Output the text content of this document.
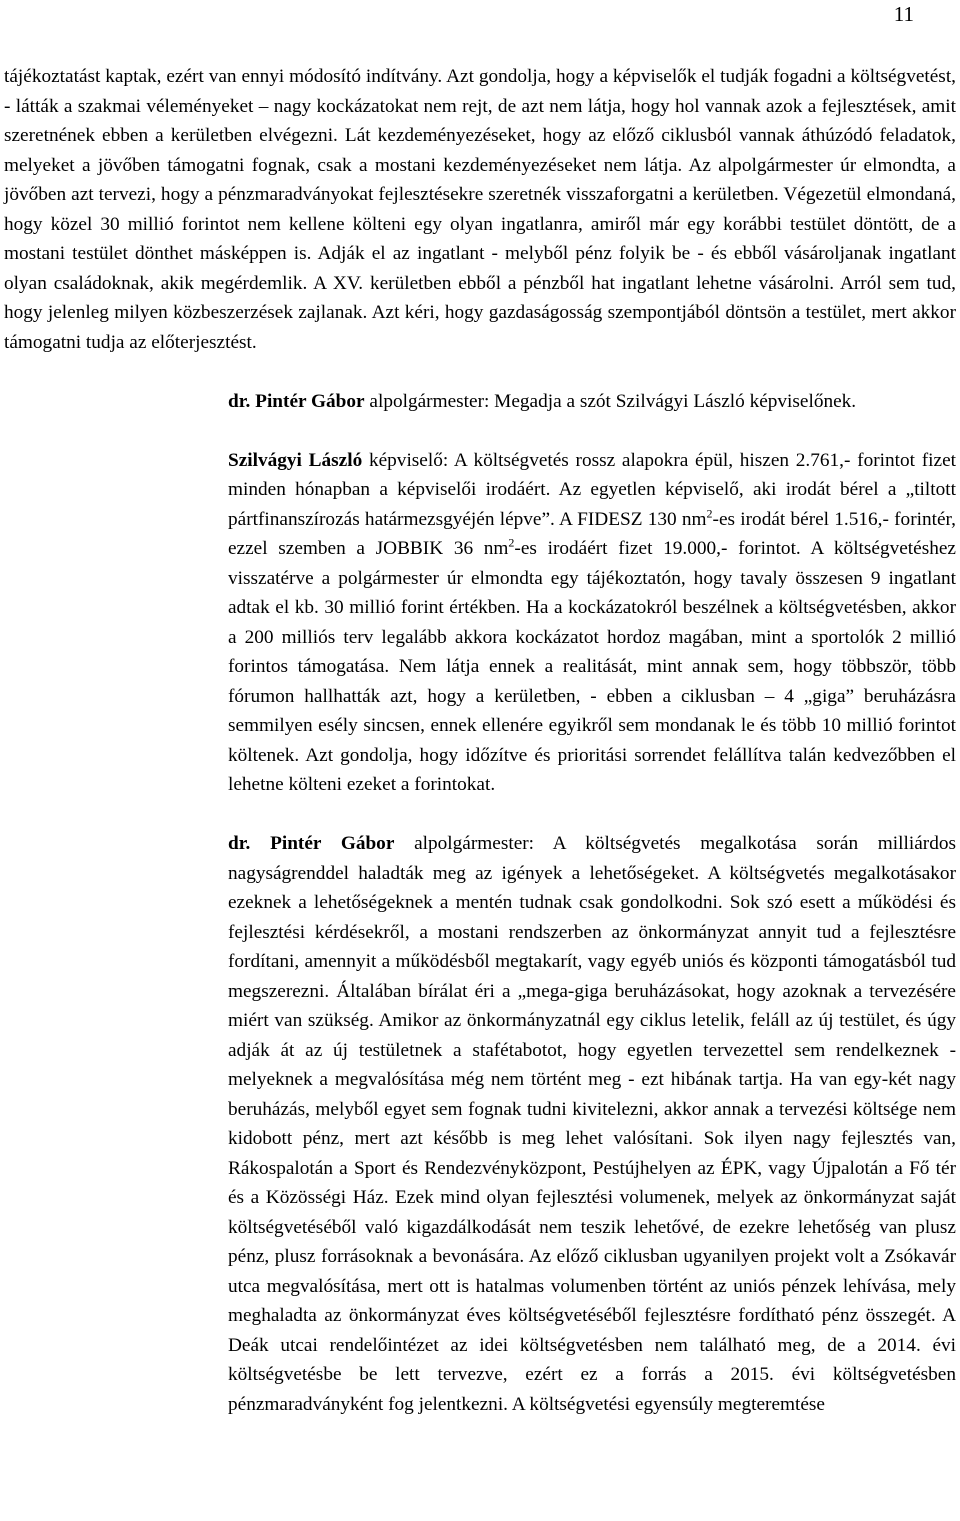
11

tájékoztatást kaptak, ezért van ennyi módosító indítvány. Azt gondolja, hogy a képviselők el tudják fogadni a költségvetést, - látták a szakmai véleményeket – nagy kockázatokat nem rejt, de azt nem látja, hogy hol vannak azok a fejlesztések, amit szeretnének ebben a kerületben elvégezni. Lát kezdeményezéseket, hogy az előző ciklusból vannak áthúzódó feladatok, melyeket a jövőben támogatni fognak, csak a mostani kezdeményezéseket nem látja. Az alpolgármester úr elmondta, a jövőben azt tervezi, hogy a pénzmaradványokat fejlesztésekre szeretnék visszaforgatni a kerületben. Végezetül elmondaná, hogy közel 30 millió forintot nem kellene költeni egy olyan ingatlanra, amiről már egy korábbi testület döntött, de a mostani testület dönthet másképpen is. Adják el az ingatlant - melyből pénz folyik be - és ebből vásároljanak ingatlant olyan családoknak, akik megérdemlik. A XV. kerületben ebből a pénzből hat ingatlant lehetne vásárolni. Arról sem tud, hogy jelenleg milyen közbeszerzések zajlanak. Azt kéri, hogy gazdaságosság szempontjából döntsön a testület, mert akkor támogatni tudja az előterjesztést.

dr. Pintér Gábor alpolgármester: Megadja a szót Szilvágyi László képviselőnek.

Szilvágyi László képviselő: A költségvetés rossz alapokra épül, hiszen 2.761,- forintot fizet minden hónapban a képviselői irodáért. Az egyetlen képviselő, aki irodát bérel a „tiltott pártfinanszírozás határmezsgyéjén lépve”. A FIDESZ 130 $nm^2-es$ irodát bérel 1.516,- forintér, ezzel szemben a JOBBIK 36 $nm^2-es$ irodáért fizet 19.000,- forintot. A költségvetéshez visszatérve a polgármester úr elmondta egy tájékoztatón, hogy tavaly összesen 9 ingatlant adtak el kb. 30 millió forint értékben. Ha a kockázatokról beszélnek a költségvetésben, akkor a 200 milliós terv legalább akkora kockázatot hordoz magában, mint a sportolók 2 millió forintos támogatása. Nem látja ennek a realitását, mint annak sem, hogy többször, több fórumon hallhatták azt, hogy a kerületben, - ebben a ciklusban – 4 „giga” beruházásra semmilyen esély sincsen, ennek ellenére egyikről sem mondanak le és több 10 millió forintot költenek. Azt gondolja, hogy időzítve és prioritási sorrendet felállítva talán kedvezőbben el lehetne költeni ezeket a forintokat.

dr. Pintér Gábor alpolgármester: A költségvetés megalkotása során milliárdos nagyságrenddel haladták meg az igények a lehetőségeket. A költségvetés megalkotásakor ezeknek a lehetőségeknek a mentén tudnak csak gondolkodni. Sok szó esett a működési és fejlesztési kérdésekről, a mostani rendszerben az önkormányzat annyit tud a fejlesztésre fordítani, amennyit a működésből megtakarít, vagy egyéb uniós és központi támogatásból tud megszerezni. Általában bírálat éri a „mega-giga beruházásokat, hogy azoknak a tervezésére miért van szükség. Amikor az önkormányzatnál egy ciklus letelik, feláll az új testület, és úgy adják át az új testületnek a stafétabotot, hogy egyetlen tervezettel sem rendelkeznek - melyeknek a megvalósítása még nem történt meg - ezt hibának tartja. Ha van egy-két nagy beruházás, melyből egyet sem fognak tudni kivitelezni, akkor annak a tervezési költsége nem kidobott pénz, mert azt később is meg lehet valósítani. Sok ilyen nagy fejlesztés van, Rákospalotán a Sport és Rendezvényközpont, Pestújhelyen az ÉPK, vagy Újpalotán a Fő tér és a Közösségi Ház. Ezek mind olyan fejlesztési volumenek, melyek az önkormányzat saját költségvetéséből való kigazdálkodását nem teszik lehetővé, de ezekre lehetőség van plusz pénz, plusz forrásoknak a bevonására. Az előző ciklusban ugyanilyen projekt volt a Zsókavár utca megvalósítása, mert ott is hatalmas volumenben történt az uniós pénzek lehívása, mely meghaladta az önkormányzat éves költségvetéséből fejlesztésre fordítható pénz összegét. A Deák utcai rendelőintézet az idei költségvetésben nem található meg, de a 2014. évi költségvetésbe be lett tervezve, ezért ez a forrás a 2015. évi költségvetésben pénzmaradványként fog jelentkezni. A költségvetési egyensúly megteremtése
